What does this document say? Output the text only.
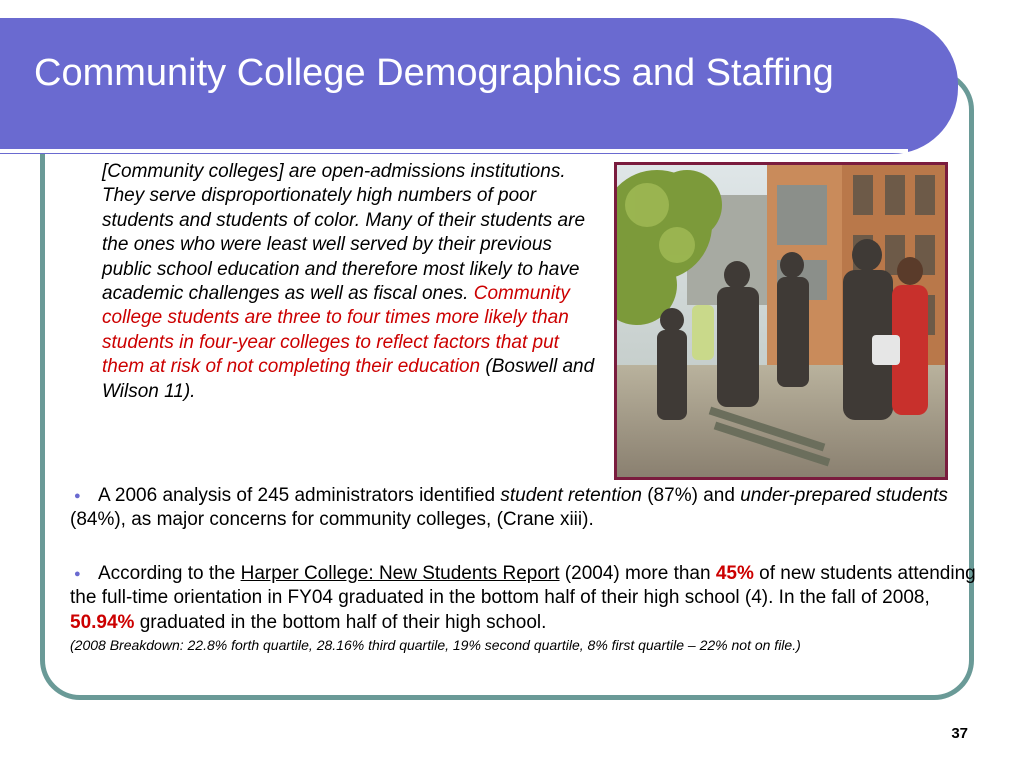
Community College Demographics and Staffing
[Community colleges] are open-admissions institutions. They serve disproportionately high numbers of poor students and students of color. Many of their students are the ones who were least well served by their previous public school education and therefore most likely to have academic challenges as well as fiscal ones. Community college students are three to four times more likely than students in four-year colleges to reflect factors that put them at risk of not completing their education (Boswell and Wilson 11).
● A 2006 analysis of 245 administrators identified student retention (87%) and under-prepared students (84%), as major concerns for community colleges, (Crane xiii).
● According to the Harper College: New Students Report (2004) more than 45% of new students attending the full-time orientation in FY04 graduated in the bottom half of their high school (4). In the fall of 2008, 50.94% graduated in the bottom half of their high school.
(2008 Breakdown: 22.8% forth quartile, 28.16% third quartile, 19% second quartile, 8% first quartile – 22% not on file.)
37
